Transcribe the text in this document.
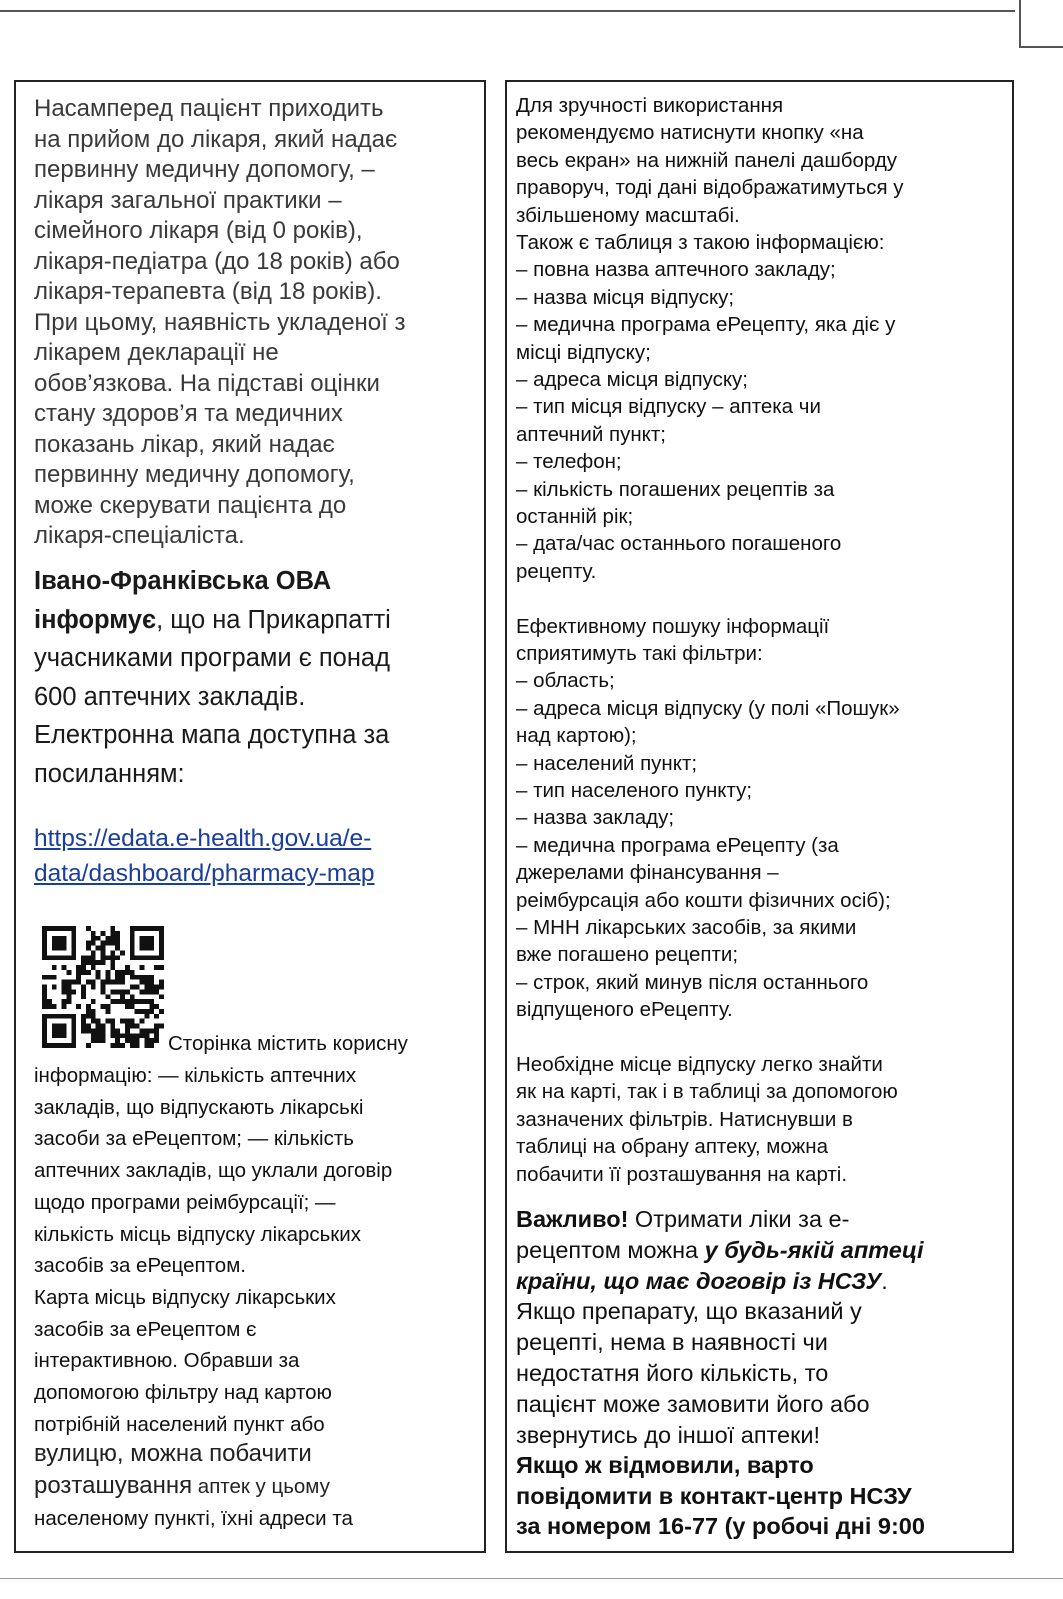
Насамперед пацієнт приходить
на прийом до лікаря, який надає
первинну медичну допомогу, –
лікаря загальної практики –
сімейного лікаря (від 0 років),
лікаря-педіатра (до 18 років) або
лікаря-терапевта (від 18 років).
При цьому, наявність укладеної з
лікарем декларації не
обов’язкова. На підставі оцінки
стану здоров’я та медичних
показань лікар, який надає
первинну медичну допомогу,
може скерувати пацієнта до
лікаря-спеціаліста.
Івано-Франківська ОВА
інформує, що на Прикарпатті
учасниками програми є понад
600 аптечних закладів.
Електронна мапа доступна за
посиланням:
https://edata.e-health.gov.ua/e-
data/dashboard/pharmacy-map
Сторінка містить корисну
інформацію: — кількість аптечних
закладів, що відпускають лікарські
засоби за еРецептом; — кількість
аптечних закладів, що уклали договір
щодо програми реімбурсації; —
кількість місць відпуску лікарських
засобів за еРецептом.
Карта місць відпуску лікарських
засобів за еРецептом є
інтерактивною. Обравши за
допомогою фільтру над картою
потрібній населений пункт або
вулицю, можна побачити
розташування аптек у цьому
населеному пункті, їхні адреси та
Для зручності використання
рекомендуємо натиснути кнопку «на
весь екран» на нижній панелі дашборду
праворуч, тоді дані відображатимуться у
збільшеному масштабі.
Також є таблиця з такою інформацією:
– повна назва аптечного закладу;
– назва місця відпуску;
– медична програма еРецепту, яка діє у
місці відпуску;
– адреса місця відпуску;
– тип місця відпуску – аптека чи
аптечний пункт;
– телефон;
– кількість погашених рецептів за
останній рік;
– дата/час останнього погашеного
рецепту.
Ефективному пошуку інформації
сприятимуть такі фільтри:
– область;
– адреса місця відпуску (у полі «Пошук»
над картою);
– населений пункт;
– тип населеного пункту;
– назва закладу;
– медична програма еРецепту (за
джерелами фінансування –
реімбурсація або кошти фізичних осіб);
– МНН лікарських засобів, за якими
вже погашено рецепти;
– строк, який минув після останнього
відпущеного еРецепту.
Необхідне місце відпуску легко знайти
як на карті, так і в таблиці за допомогою
зазначених фільтрів. Натиснувши в
таблиці на обрану аптеку, можна
побачити її розташування на карті.
Важливо! Отримати ліки за е-
рецептом можна у будь-якій аптеці
країни, що має договір із НСЗУ.
Якщо препарату, що вказаний у
рецепті, нема в наявності чи
недостатня його кількість, то
пацієнт може замовити його або
звернутись до іншої аптеки!
Якщо ж відмовили, варто
повідомити в контакт-центр НСЗУ
за номером 16-77 (у робочі дні 9:00
